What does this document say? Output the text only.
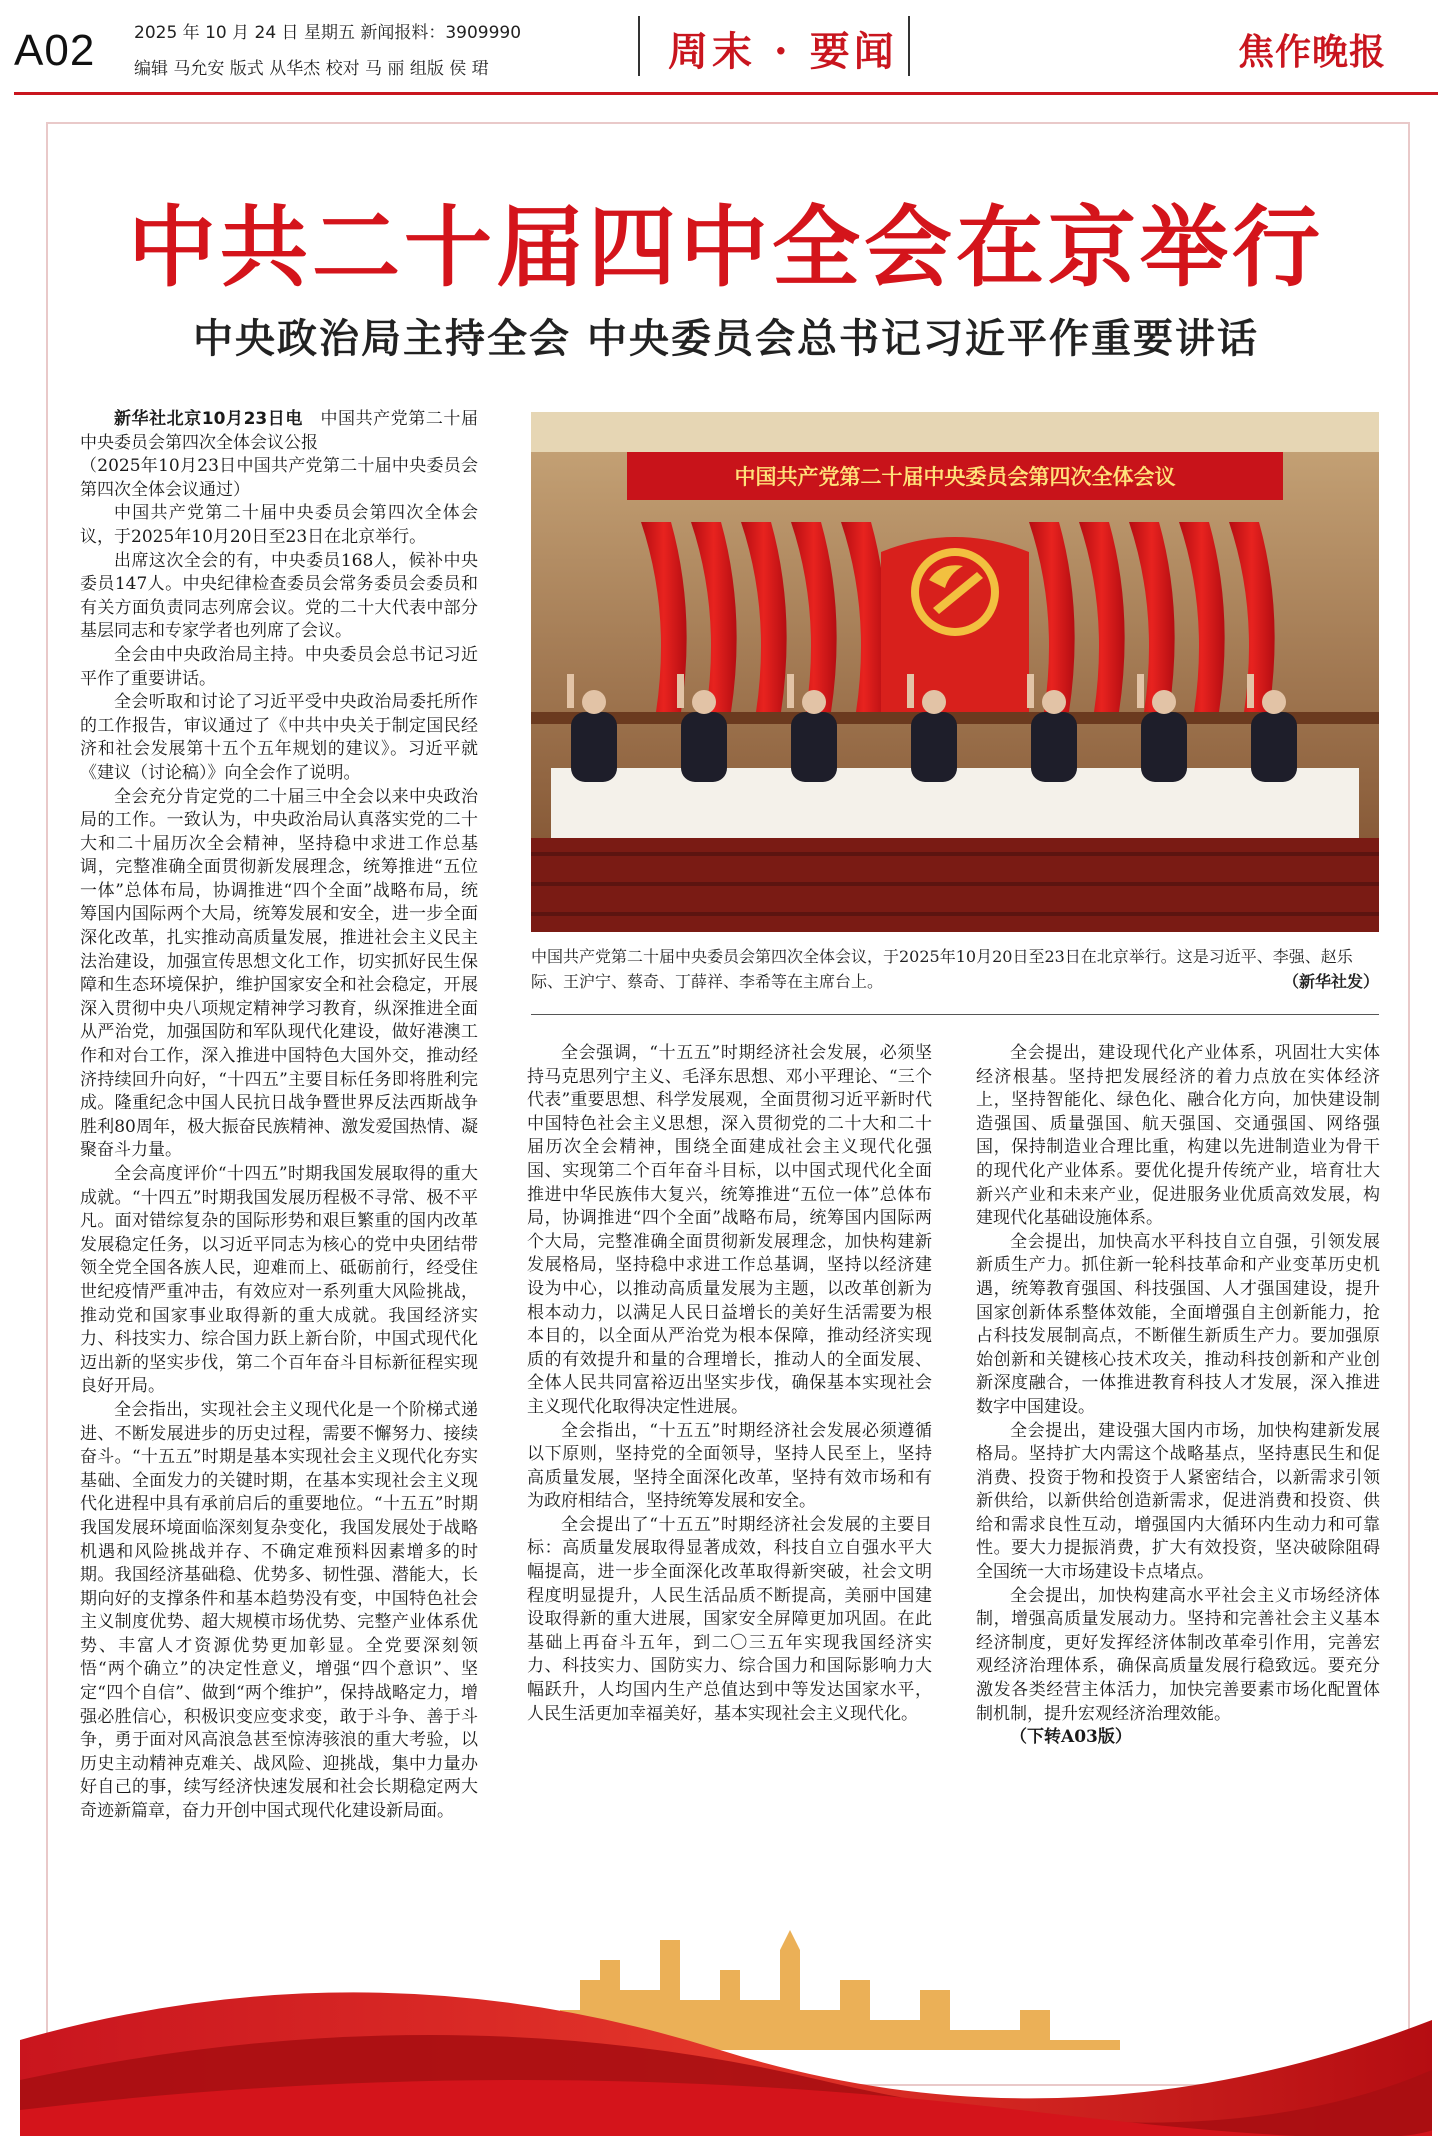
A02 2025 年 10 月 24 日 星期五 新闻报料：3909990
编辑 马允安 版式 从华杰 校对 马 丽 组版 侯 珺	周末 · 要闻	焦作晚报
中共二十届四中全会在京举行
中央政治局主持全会 中央委员会总书记习近平作重要讲话

新华社北京10月23日电　 中国共产党第二十届中央委员会第四次全体会议公报

（2025年10月23日中国共产党第二十届中央委员会第四次全体会议通过）

中国共产党第二十届中央委员会第四次全体会议，于2025年10月20日至23日在北京举行。

出席这次全会的有，中央委员168人，候补中央委员147人。中央纪律检查委员会常务委员会委员和有关方面负责同志列席会议。党的二十大代表中部分基层同志和专家学者也列席了会议。

全会由中央政治局主持。中央委员会总书记习近平作了重要讲话。

全会听取和讨论了习近平受中央政治局委托所作的工作报告，审议通过了《中共中央关于制定国民经济和社会发展第十五个五年规划的建议》。习近平就《建议（讨论稿）》向全会作了说明。

全会充分肯定党的二十届三中全会以来中央政治局的工作。一致认为，中央政治局认真落实党的二十大和二十届历次全会精神，坚持稳中求进工作总基调，完整准确全面贯彻新发展理念，统筹推进“五位一体”总体布局，协调推进“四个全面”战略布局，统筹国内国际两个大局，统筹发展和安全，进一步全面深化改革，扎实推动高质量发展，推进社会主义民主法治建设，加强宣传思想文化工作，切实抓好民生保障和生态环境保护，维护国家安全和社会稳定，开展深入贯彻中央八项规定精神学习教育，纵深推进全面从严治党，加强国防和军队现代化建设，做好港澳工作和对台工作，深入推进中国特色大国外交，推动经济持续回升向好，“十四五”主要目标任务即将胜利完成。隆重纪念中国人民抗日战争暨世界反法西斯战争胜利80周年，极大振奋民族精神、激发爱国热情、凝聚奋斗力量。

全会高度评价“十四五”时期我国发展取得的重大成就。“十四五”时期我国发展历程极不寻常、极不平凡。面对错综复杂的国际形势和艰巨繁重的国内改革发展稳定任务，以习近平同志为核心的党中央团结带领全党全国各族人民，迎难而上、砥砺前行，经受住世纪疫情严重冲击，有效应对一系列重大风险挑战，推动党和国家事业取得新的重大成就。我国经济实力、科技实力、综合国力跃上新台阶，中国式现代化迈出新的坚实步伐，第二个百年奋斗目标新征程实现良好开局。

全会指出，实现社会主义现代化是一个阶梯式递进、不断发展进步的历史过程，需要不懈努力、接续奋斗。“十五五”时期是基本实现社会主义现代化夯实基础、全面发力的关键时期，在基本实现社会主义现代化进程中具有承前启后的重要地位。“十五五”时期我国发展环境面临深刻复杂变化，我国发展处于战略机遇和风险挑战并存、不确定难预料因素增多的时期。我国经济基础稳、优势多、韧性强、潜能大，长期向好的支撑条件和基本趋势没有变，中国特色社会主义制度优势、超大规模市场优势、完整产业体系优势、丰富人才资源优势更加彰显。全党要深刻领悟“两个确立”的决定性意义，增强“四个意识”、坚定“四个自信”、做到“两个维护”，保持战略定力，增强必胜信心，积极识变应变求变，敢于斗争、善于斗争，勇于面对风高浪急甚至惊涛骇浪的重大考验，以历史主动精神克难关、战风险、迎挑战，集中力量办好自己的事，续写经济快速发展和社会长期稳定两大奇迹新篇章，奋力开创中国式现代化建设新局面。

中国共产党第二十届中央委员会第四次全体会议
中国共产党第二十届中央委员会第四次全体会议，于2025年10月20日至23日在北京举行。这是习近平、李强、赵乐际、王沪宁、蔡奇、丁薛祥、李希等在主席台上。	（新华社发）

全会强调，“十五五”时期经济社会发展，必须坚持马克思列宁主义、毛泽东思想、邓小平理论、“三个代表”重要思想、科学发展观，全面贯彻习近平新时代中国特色社会主义思想，深入贯彻党的二十大和二十届历次全会精神，围绕全面建成社会主义现代化强国、实现第二个百年奋斗目标，以中国式现代化全面推进中华民族伟大复兴，统筹推进“五位一体”总体布局，协调推进“四个全面”战略布局，统筹国内国际两个大局，完整准确全面贯彻新发展理念，加快构建新发展格局，坚持稳中求进工作总基调，坚持以经济建设为中心，以推动高质量发展为主题，以改革创新为根本动力，以满足人民日益增长的美好生活需要为根本目的，以全面从严治党为根本保障，推动经济实现质的有效提升和量的合理增长，推动人的全面发展、全体人民共同富裕迈出坚实步伐，确保基本实现社会主义现代化取得决定性进展。

全会指出，“十五五”时期经济社会发展必须遵循以下原则，坚持党的全面领导，坚持人民至上，坚持高质量发展，坚持全面深化改革，坚持有效市场和有为政府相结合，坚持统筹发展和安全。

全会提出了“十五五”时期经济社会发展的主要目标：高质量发展取得显著成效，科技自立自强水平大幅提高，进一步全面深化改革取得新突破，社会文明程度明显提升，人民生活品质不断提高，美丽中国建设取得新的重大进展，国家安全屏障更加巩固。在此基础上再奋斗五年，到二〇三五年实现我国经济实力、科技实力、国防实力、综合国力和国际影响力大幅跃升，人均国内生产总值达到中等发达国家水平，人民生活更加幸福美好，基本实现社会主义现代化。

全会提出，建设现代化产业体系，巩固壮大实体经济根基。坚持把发展经济的着力点放在实体经济上，坚持智能化、绿色化、融合化方向，加快建设制造强国、质量强国、航天强国、交通强国、网络强国，保持制造业合理比重，构建以先进制造业为骨干的现代化产业体系。要优化提升传统产业，培育壮大新兴产业和未来产业，促进服务业优质高效发展，构建现代化基础设施体系。

全会提出，加快高水平科技自立自强，引领发展新质生产力。抓住新一轮科技革命和产业变革历史机遇，统筹教育强国、科技强国、人才强国建设，提升国家创新体系整体效能，全面增强自主创新能力，抢占科技发展制高点，不断催生新质生产力。要加强原始创新和关键核心技术攻关，推动科技创新和产业创新深度融合，一体推进教育科技人才发展，深入推进数字中国建设。

全会提出，建设强大国内市场，加快构建新发展格局。坚持扩大内需这个战略基点，坚持惠民生和促消费、投资于物和投资于人紧密结合，以新需求引领新供给，以新供给创造新需求，促进消费和投资、供给和需求良性互动，增强国内大循环内生动力和可靠性。要大力提振消费，扩大有效投资，坚决破除阻碍全国统一大市场建设卡点堵点。

全会提出，加快构建高水平社会主义市场经济体制，增强高质量发展动力。坚持和完善社会主义基本经济制度，更好发挥经济体制改革牵引作用，完善宏观经济治理体系，确保高质量发展行稳致远。要充分激发各类经营主体活力，加快完善要素市场化配置体制机制，提升宏观经济治理效能。

（下转A03版）
